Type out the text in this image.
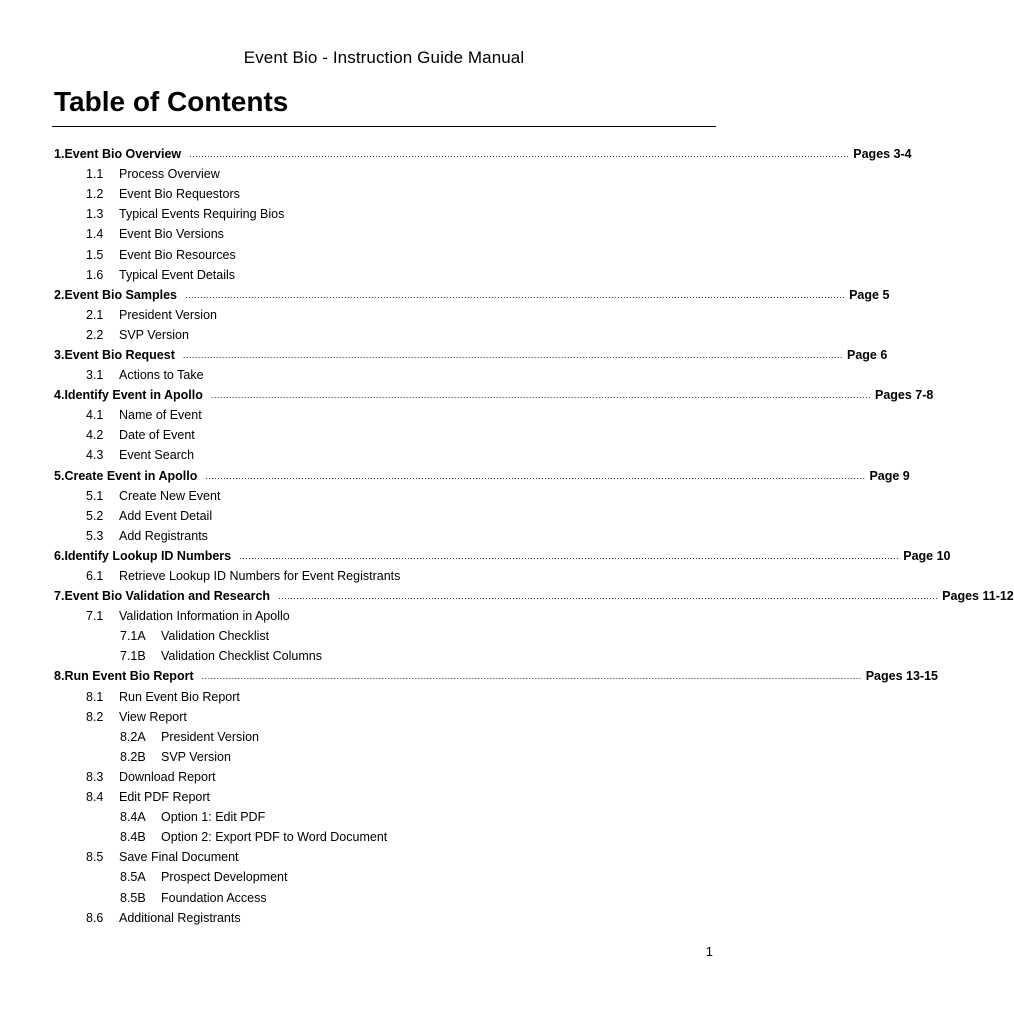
Event Bio - Instruction Guide Manual
Table of Contents
1. Event Bio Overview ............................................................................................................................................................................................................................ Pages 3-4
1.1	Process Overview
1.2	Event Bio Requestors
1.3	Typical Events Requiring Bios
1.4	Event Bio Versions
1.5	Event Bio Resources
1.6	Typical Event Details
2. Event Bio Samples ............................................................................................................................................................................................................................ Page 5
2.1	President Version
2.2	SVP Version
3. Event Bio Request ............................................................................................................................................................................................................................ Page 6
3.1	Actions to Take
4. Identify Event in Apollo ............................................................................................................................................................................................................................ Pages 7-8
4.1	Name of Event
4.2	Date of Event
4.3	Event Search
5. Create Event in Apollo ............................................................................................................................................................................................................................ Page 9
5.1	Create New Event
5.2	Add Event Detail
5.3	Add Registrants
6. Identify Lookup ID Numbers ............................................................................................................................................................................................................................ Page 10
6.1	Retrieve Lookup ID Numbers for Event Registrants
7. Event Bio Validation and Research ............................................................................................................................................................................................................................ Pages 11-12
7.1	Validation Information in Apollo
7.1A	Validation Checklist
7.1B	Validation Checklist Columns
8. Run Event Bio Report ............................................................................................................................................................................................................................ Pages 13-15
8.1	Run Event Bio Report
8.2	View Report
8.2A	President Version
8.2B	SVP Version
8.3	Download Report
8.4	Edit PDF Report
8.4A	Option 1: Edit PDF
8.4B	Option 2: Export PDF to Word Document
8.5	Save Final Document
8.5A	Prospect Development
8.5B	Foundation Access
8.6	Additional Registrants
1
